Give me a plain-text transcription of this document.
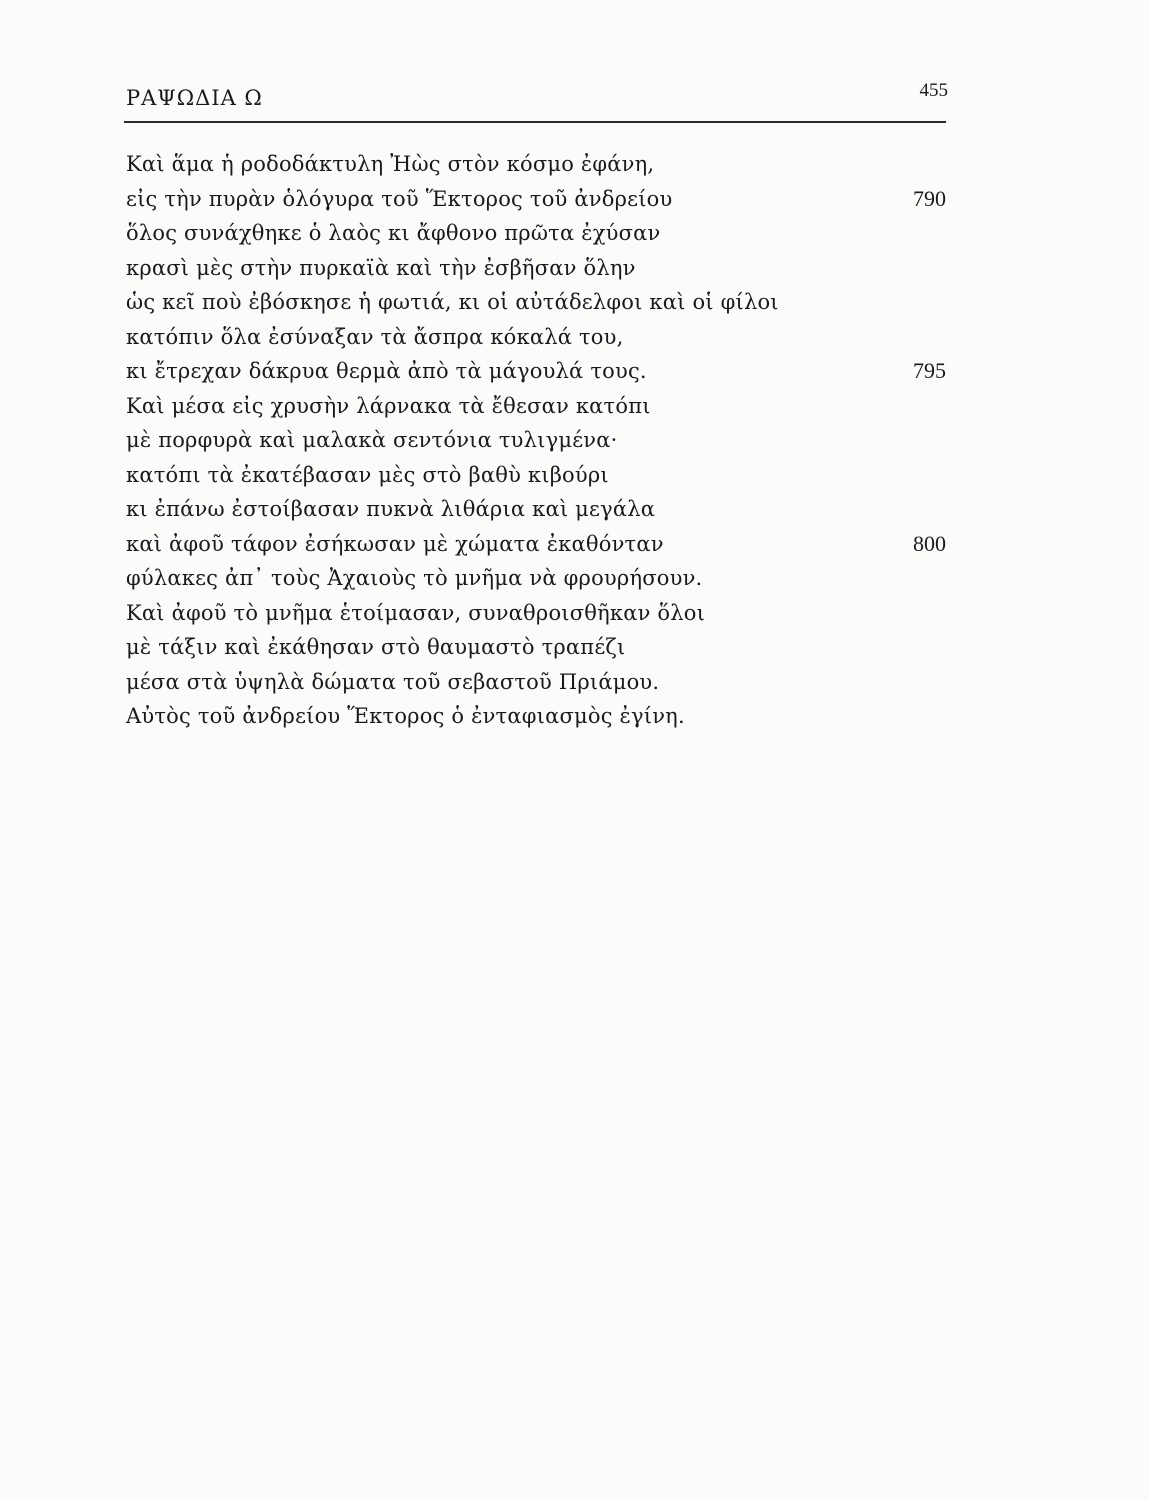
ΡΑΨΩΔΙΑ Ω	455
Καὶ ἅμα ἡ ροδοδάκτυλη Ἠὼς στὸν κόσμο ἐφάνη,
εἰς τὴν πυρὰν ὁλόγυρα τοῦ Ἕκτορος τοῦ ἀνδρείου	790
ὅλος συνάχθηκε ὁ λαὸς κι ἄφθονο πρῶτα ἐχύσαν
κρασὶ μὲς στὴν πυρκαϊὰ καὶ τὴν ἐσβῆσαν ὅλην
ὡς κεῖ ποὺ ἐβόσκησε ἡ φωτιά, κι οἱ αὐτάδελφοι καὶ οἱ φίλοι
κατόπιν ὅλα ἐσύναξαν τὰ ἄσπρα κόκαλά του,
κι ἔτρεχαν δάκρυα θερμὰ ἀπὸ τὰ μάγουλά τους.	795
Καὶ μέσα εἰς χρυσὴν λάρνακα τὰ ἔθεσαν κατόπι
μὲ πορφυρὰ καὶ μαλακὰ σεντόνια τυλιγμένα·
κατόπι τὰ ἐκατέβασαν μὲς στὸ βαθὺ κιβούρι
κι ἐπάνω ἐστοίβασαν πυκνὰ λιθάρια καὶ μεγάλα
καὶ ἀφοῦ τάφον ἐσήκωσαν μὲ χώματα ἐκαθόνταν	800
φύλακες ἀπ᾽ τοὺς Ἀχαιοὺς τὸ μνῆμα νὰ φρουρήσουν.
Καὶ ἀφοῦ τὸ μνῆμα ἑτοίμασαν, συναθροισθῆκαν ὅλοι
μὲ τάξιν καὶ ἐκάθησαν στὸ θαυμαστὸ τραπέζι
μέσα στὰ ὑψηλὰ δώματα τοῦ σεβαστοῦ Πριάμου.
Αὐτὸς τοῦ ἀνδρείου Ἕκτορος ὁ ἐνταφιασμὸς ἐγίνη.
